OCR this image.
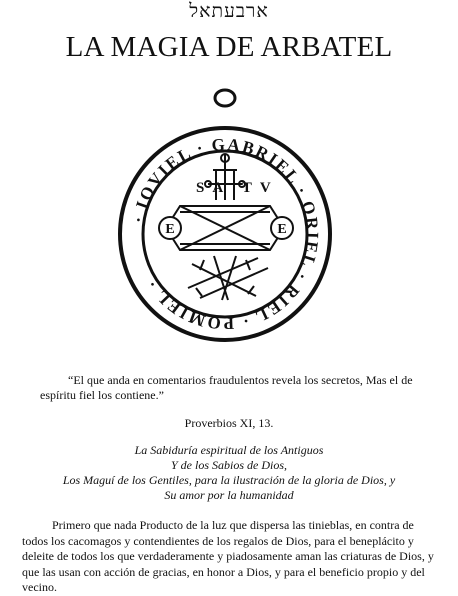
ארבעתאל
LA MAGIA DE ARBATEL
· IOVIEL · GABRIEL · ORIEL · RIEL · POMIEL ·
SA TV
E	E

“El que anda en comentarios fraudulentos revela los secretos, Mas el de espíritu fiel los contiene.”

Proverbios XI, 13.
La Sabiduría espiritual de los Antiguos
Y de los Sabios de Dios,
Los Maguí de los Gentiles, para la ilustración de la gloria de Dios, y
Su amor por la humanidad

Primero que nada Producto de la luz que dispersa las tinieblas, en contra de todos los cacomagos y contendientes de los regalos de Dios, para el beneplácito y deleite de todos los que verdaderamente y piadosamente aman las criaturas de Dios, y que las usan con acción de gracias, en honor a Dios, y para el beneficio propio y del vecino.
